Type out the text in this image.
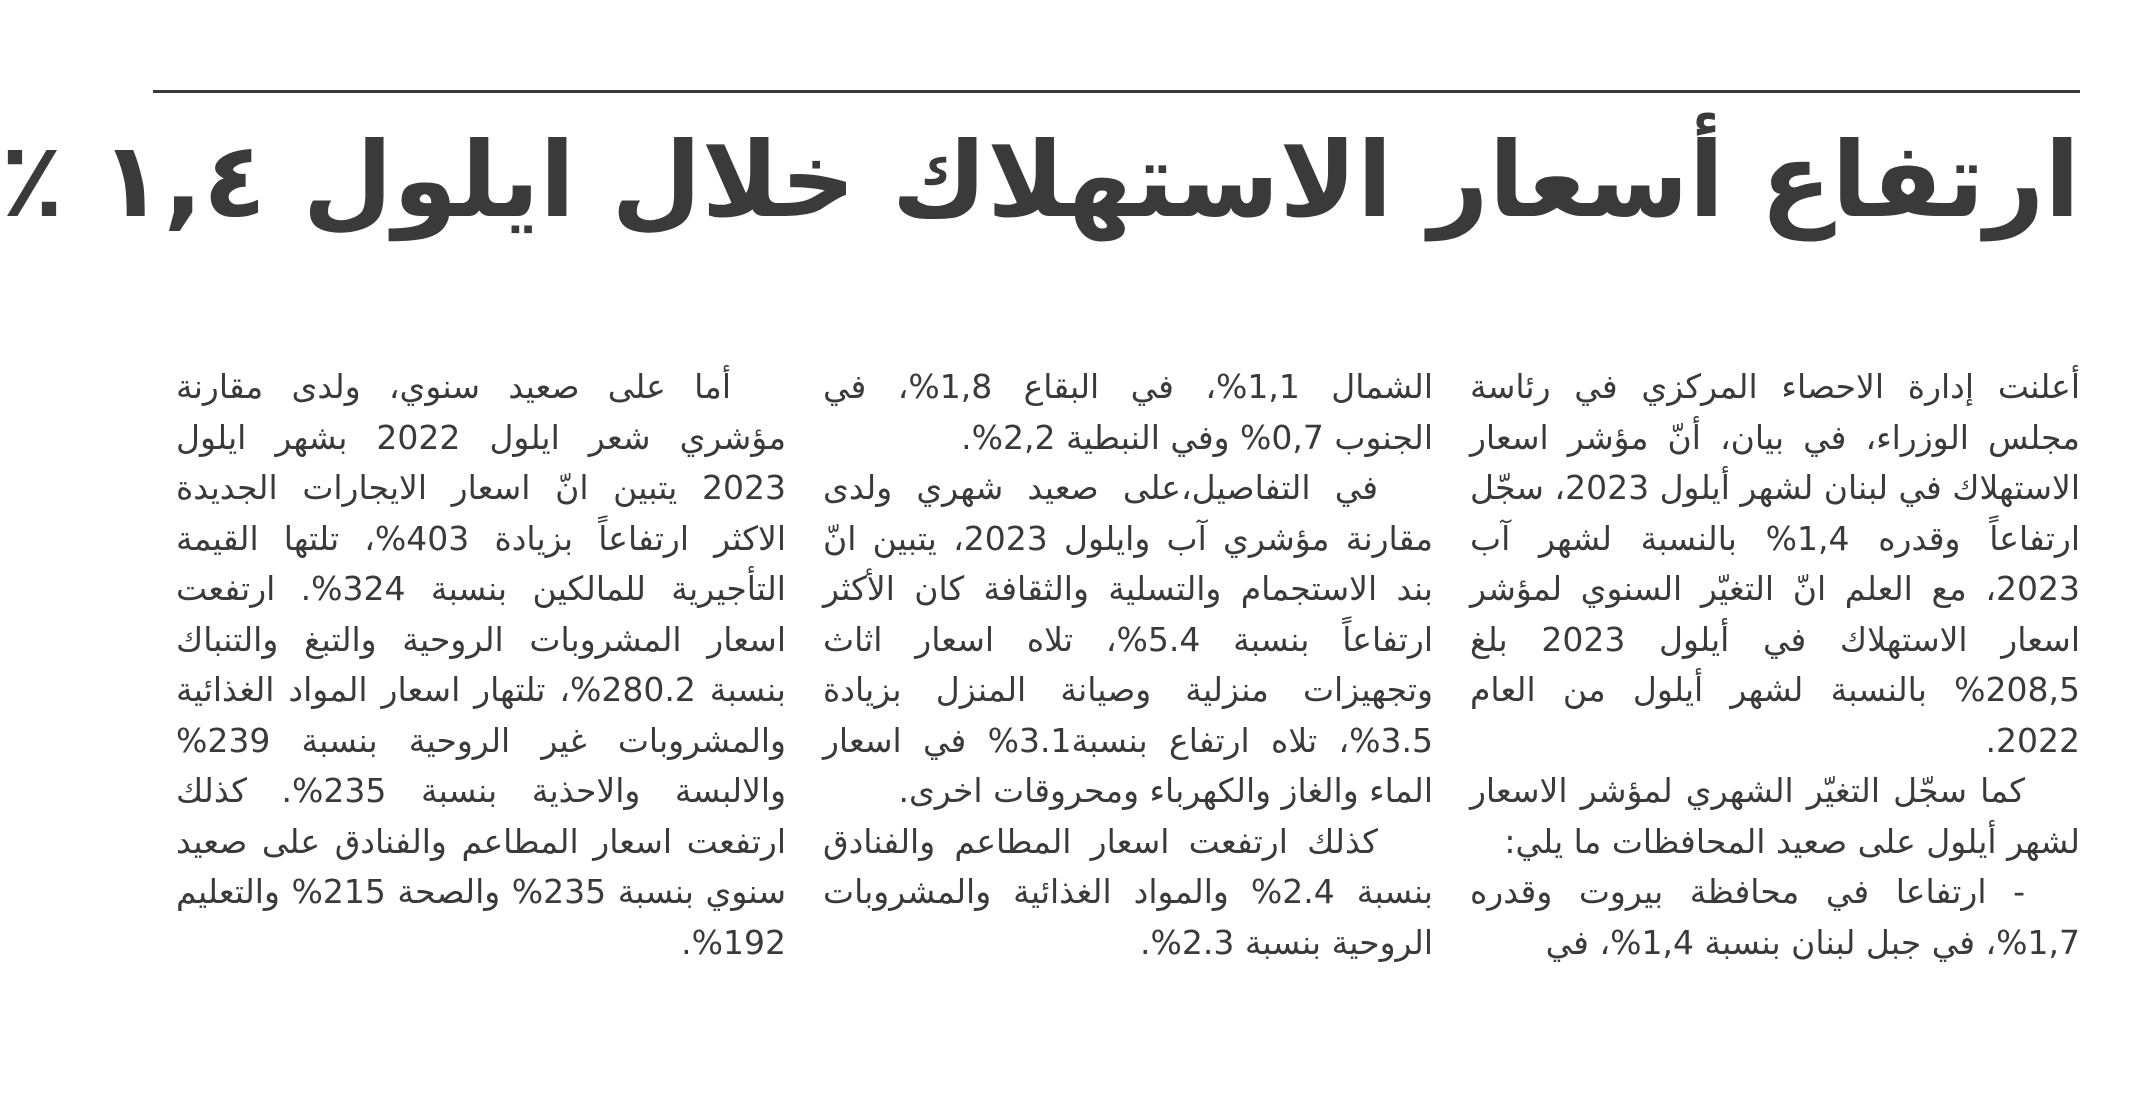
ارتفاع أسعار الاستهلاك خلال ايلول ١,٤ ٪

أعلنت إدارة الاحصاء المركزي في رئاسة مجلس الوزراء، في بيان، أنّ مؤشر اسعار الاستهلاك في لبنان لشهر أيلول 2023، سجّل ارتفاعاً وقدره 1,4% بالنسبة لشهر آب 2023، مع العلم انّ التغيّر السنوي لمؤشر اسعار الاستهلاك في أيلول 2023 بلغ 208,5% بالنسبة لشهر أيلول من العام 2022.

كما سجّل التغيّر الشهري لمؤشر الاسعار لشهر أيلول على صعيد المحافظات ما يلي:

- ارتفاعا في محافظة بيروت وقدره 1,7%، في جبل لبنان بنسبة 1,4%، في

الشمال 1,1%، في البقاع 1,8%، في الجنوب 0,7% وفي النبطية 2,2%.

في التفاصيل،على صعيد شهري ولدى مقارنة مؤشري آب وايلول 2023، يتبين انّ بند الاستجمام والتسلية والثقافة كان الأكثر ارتفاعاً بنسبة 5.4%، تلاه اسعار اثاث وتجهيزات منزلية وصيانة المنزل بزيادة 3.5%، تلاه ارتفاع بنسبة3.1% في اسعار الماء والغاز والكهرباء ومحروقات اخرى.

كذلك ارتفعت اسعار المطاعم والفنادق بنسبة 2.4% والمواد الغذائية والمشروبات الروحية بنسبة 2.3%.

أما على صعيد سنوي، ولدى مقارنة مؤشري شعر ايلول 2022 بشهر ايلول 2023 يتبين انّ اسعار الايجارات الجديدة الاكثر ارتفاعاً بزيادة 403%، تلتها القيمة التأجيرية للمالكين بنسبة 324%. ارتفعت اسعار المشروبات الروحية والتبغ والتنباك بنسبة 280.2%، تلتهار اسعار المواد الغذائية والمشروبات غير الروحية بنسبة 239% والالبسة والاحذية بنسبة 235%. كذلك ارتفعت اسعار المطاعم والفنادق على صعيد سنوي بنسبة 235% والصحة 215% والتعليم 192%.
